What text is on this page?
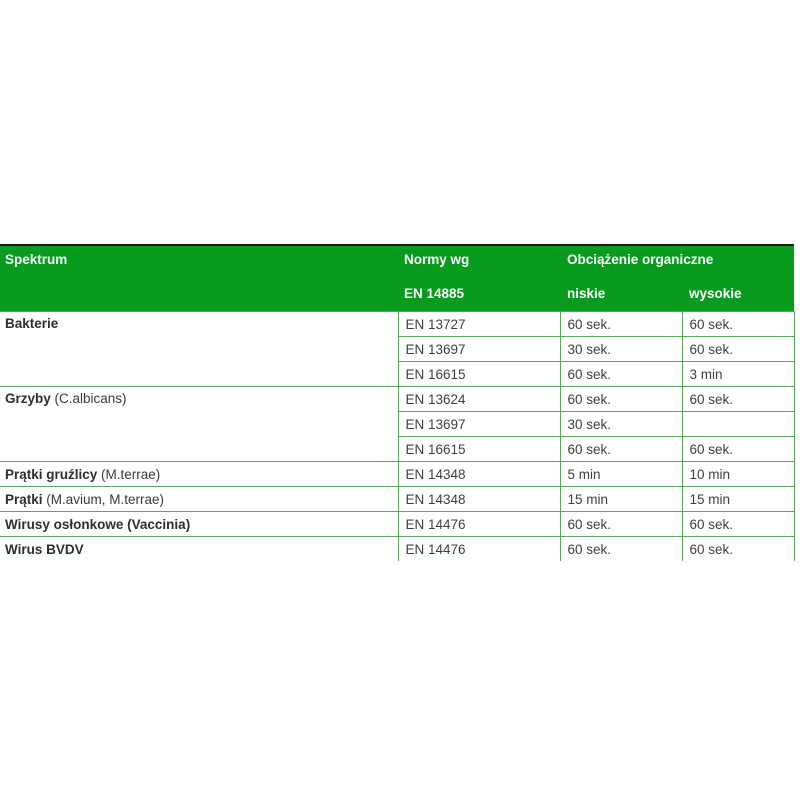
Spektrum	Normy wg	Obciążenie organiczne	
	EN 14885	niskie	wysokie
Bakterie	EN 13727	60 sek.	60 sek.
	EN 13697	30 sek.	60 sek.
	EN 16615	60 sek.	3 min
Grzyby (C.albicans)	EN 13624	60 sek.	60 sek.
	EN 13697	30 sek.	
	EN 16615	60 sek.	60 sek.
Prątki gruźlicy (M.terrae)	EN 14348	5 min	10 min
Prątki (M.avium, M.terrae)	EN 14348	15 min	15 min
Wirusy osłonkowe (Vaccinia)	EN 14476	60 sek.	60 sek.
Wirus BVDV	EN 14476	60 sek.	60 sek.
